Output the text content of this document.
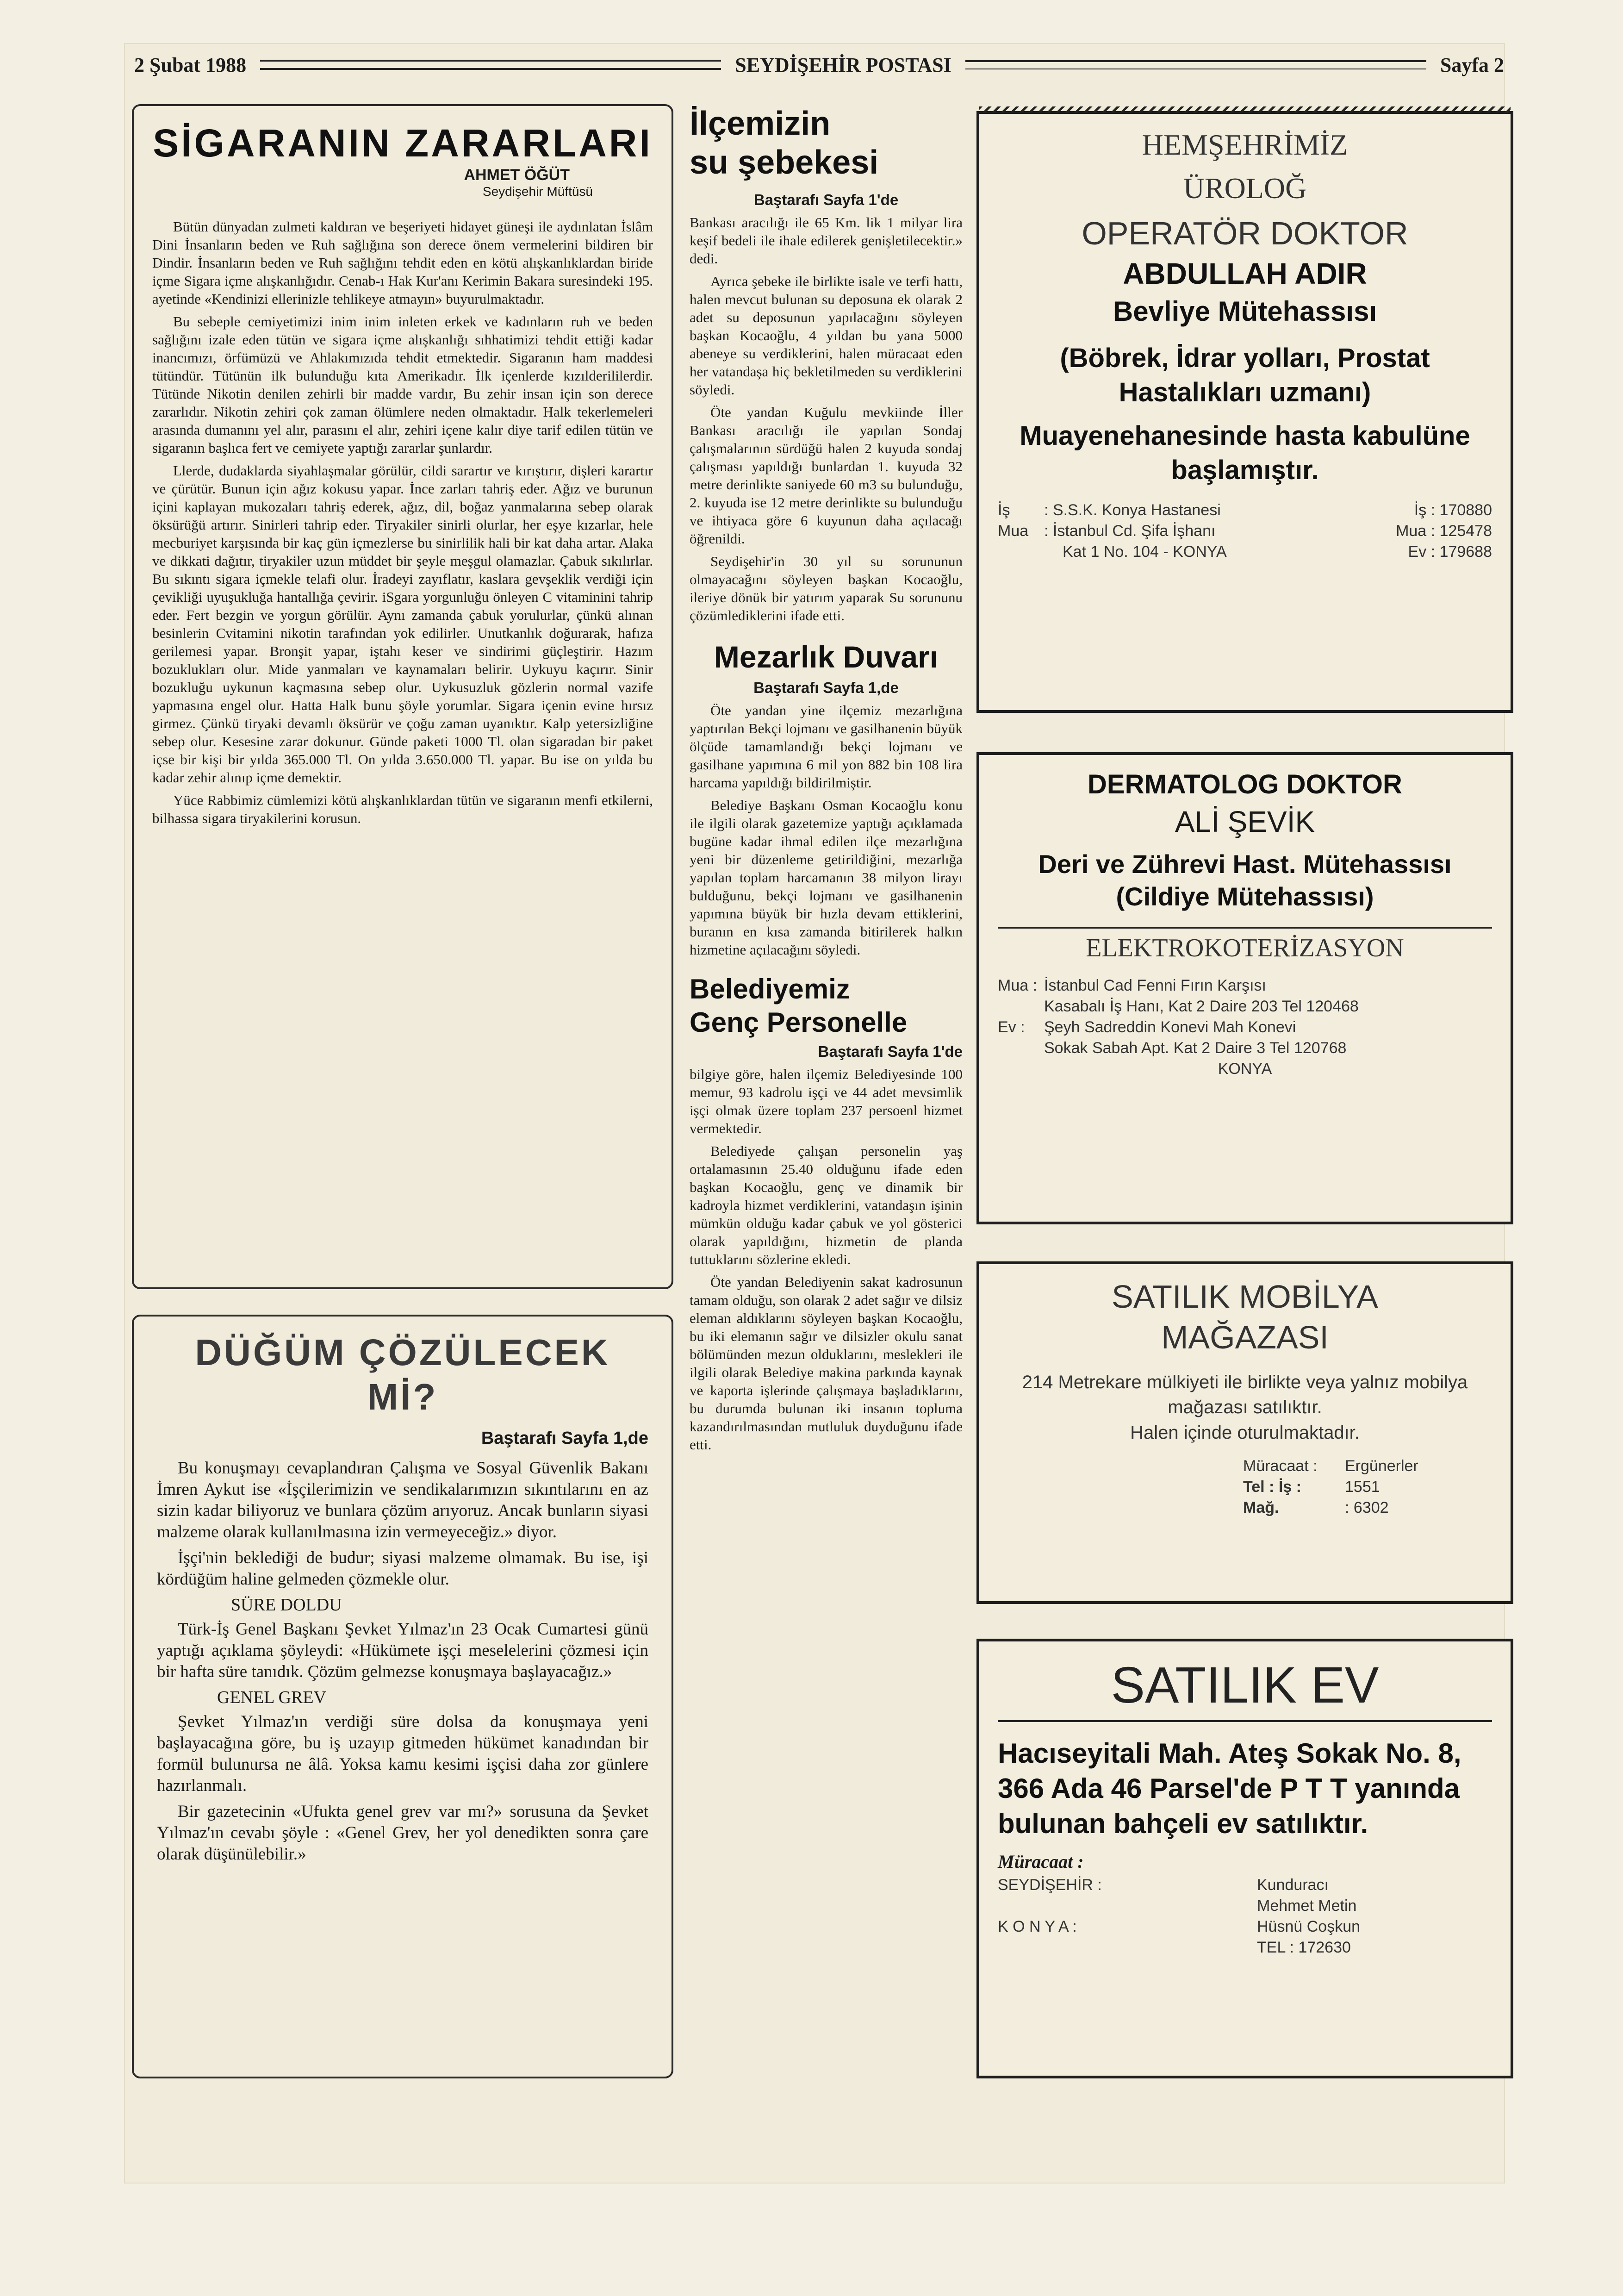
2 Şubat 1988	SEYDİŞEHİR POSTASI	Sayfa 2
SİGARANIN ZARARLARI
AHMET ÖĞÜT
Seydişehir Müftüsü

Bütün dünyadan zulmeti kaldıran ve beşeriyeti hidayet güneşi ile aydınlatan İslâm Dini İnsanların beden ve Ruh sağlığına son derece önem vermelerini bildiren bir Dindir. İnsanların beden ve Ruh sağlığını tehdit eden en kötü alışkanlıklardan biride içme Sigara içme alışkanlığıdır. Cenab-ı Hak Kur'anı Kerimin Bakara suresindeki 195. ayetinde «Kendinizi ellerinizle tehlikeye atmayın» buyurulmaktadır.

Bu sebeple cemiyetimizi inim inim inleten erkek ve kadınların ruh ve beden sağlığını izale eden tütün ve sigara içme alışkanlığı sıhhatimizi tehdit ettiği kadar inancımızı, örfümüzü ve Ahlakımızıda tehdit etmektedir. Sigaranın ham maddesi tütündür. Tütünün ilk bulunduğu kıta Amerikadır. İlk içenlerde kızılderililerdir. Tütünde Nikotin denilen zehirli bir madde vardır, Bu zehir insan için son derece zararlıdır. Nikotin zehiri çok zaman ölümlere neden olmaktadır. Halk tekerlemeleri arasında dumanını yel alır, parasını el alır, zehiri içene kalır diye tarif edilen tütün ve sigaranın başlıca fert ve cemiyete yaptığı zararlar şunlardır.

Llerde, dudaklarda siyahlaşmalar görülür, cildi sarartır ve kırıştırır, dişleri karartır ve çürütür. Bunun için ağız kokusu yapar. İnce zarları tahriş eder. Ağız ve burunun içini kaplayan mukozaları tahriş ederek, ağız, dil, boğaz yanmalarına sebep olarak öksürüğü artırır. Sinirleri tahrip eder. Tiryakiler sinirli olurlar, her eşye kızarlar, hele mecburiyet karşısında bir kaç gün içmezlerse bu sinirlilik hali bir kat daha artar. Alaka ve dikkati dağıtır, tiryakiler uzun müddet bir şeyle meşgul olamazlar. Çabuk sıkılırlar. Bu sıkıntı sigara içmekle telafi olur. İradeyi zayıflatır, kaslara gevşeklik verdiği için çevikliği uyuşukluğa hantallığa çevirir. iSgara yorgunluğu önleyen C vitaminini tahrip eder. Fert bezgin ve yorgun görülür. Aynı zamanda çabuk yorulurlar, çünkü alınan besinlerin Cvitamini nikotin tarafından yok edilirler. Unutkanlık doğurarak, hafıza gerilemesi yapar. Bronşit yapar, iştahı keser ve sindirimi güçleştirir. Hazım bozuklukları olur. Mide yanmaları ve kaynamaları belirir. Uykuyu kaçırır. Sinir bozukluğu uykunun kaçmasına sebep olur. Uykusuzluk gözlerin normal vazife yapmasına engel olur. Hatta Halk bunu şöyle yorumlar. Sigara içenin evine hırsız girmez. Çünkü tiryaki devamlı öksürür ve çoğu zaman uyanıktır. Kalp yetersizliğine sebep olur. Kesesine zarar dokunur. Günde paketi 1000 Tl. olan sigaradan bir paket içse bir kişi bir yılda 365.000 Tl. On yılda 3.650.000 Tl. yapar. Bu ise on yılda bu kadar zehir alınıp içme demektir.

Yüce Rabbimiz cümlemizi kötü alışkanlıklardan tütün ve sigaranın menfi etkilerni, bilhassa sigara tiryakilerini korusun.

DÜĞÜM ÇÖZÜLECEK Mİ?
Baştarafı Sayfa 1,de

Bu konuşmayı cevaplandıran Çalışma ve Sosyal Güvenlik Bakanı İmren Aykut ise «İşçilerimizin ve sendikalarımızın sıkıntılarını en az sizin kadar biliyoruz ve bunlara çözüm arıyoruz. Ancak bunların siyasi malzeme olarak kullanılmasına izin vermeyeceğiz.» diyor.

İşçi'nin beklediği de budur; siyasi malzeme olmamak. Bu ise, işi kördüğüm haline gelmeden çözmekle olur.

SÜRE DOLDU

Türk-İş Genel Başkanı Şevket Yılmaz'ın 23 Ocak Cumartesi günü yaptığı açıklama şöyleydi: «Hükümete işçi meselelerini çözmesi için bir hafta süre tanıdık. Çözüm gelmezse konuşmaya başlayacağız.»

GENEL GREV

Şevket Yılmaz'ın verdiği süre dolsa da konuşmaya yeni başlayacağına göre, bu iş uzayıp gitmeden hükümet kanadından bir formül bulunursa ne âlâ. Yoksa kamu kesimi işçisi daha zor günlere hazırlanmalı.

Bir gazetecinin «Ufukta genel grev var mı?» sorusuna da Şevket Yılmaz'ın cevabı şöyle : «Genel Grev, her yol denedikten sonra çare olarak düşünülebilir.»

İlçemizin
su şebekesi
Baştarafı Sayfa 1'de

Bankası aracılığı ile 65 Km. lik 1 milyar lira keşif bedeli ile ihale edilerek genişletilecektir.» dedi.

Ayrıca şebeke ile birlikte isale ve terfi hattı, halen mevcut bulunan su deposuna ek olarak 2 adet su deposunun yapılacağını söyleyen başkan Kocaoğlu, 4 yıldan bu yana 5000 abeneye su verdiklerini, halen müracaat eden her vatandaşa hiç bekletilmeden su verdiklerini söyledi.

Öte yandan Kuğulu mevkiinde İller Bankası aracılığı ile yapılan Sondaj çalışmalarının sürdüğü halen 2 kuyuda sondaj çalışması yapıldığı bunlardan 1. kuyuda 32 metre derinlikte saniyede 60 m3 su bulunduğu, 2. kuyuda ise 12 metre derinlikte su bulunduğu ve ihtiyaca göre 6 kuyunun daha açılacağı öğrenildi.

Seydişehir'in 30 yıl su sorununun olmayacağını söyleyen başkan Kocaoğlu, ileriye dönük bir yatırım yaparak Su sorununu çözümlediklerini ifade etti.

Mezarlık Duvarı
Baştarafı Sayfa 1,de

Öte yandan yine ilçemiz mezarlığına yaptırılan Bekçi lojmanı ve gasilhanenin büyük ölçüde tamamlandığı bekçi lojmanı ve gasilhane yapımına 6 mil yon 882 bin 108 lira harcama yapıldığı bildirilmiştir.

Belediye Başkanı Osman Kocaoğlu konu ile ilgili olarak gazetemize yaptığı açıklamada bugüne kadar ihmal edilen ilçe mezarlığına yeni bir düzenleme getirildiğini, mezarlığa yapılan toplam harcamanın 38 milyon lirayı bulduğunu, bekçi lojmanı ve gasilhanenin yapımına büyük bir hızla devam ettiklerini, buranın en kısa zamanda bitirilerek halkın hizmetine açılacağını söyledi.

Belediyemiz
Genç Personelle
Baştarafı Sayfa 1'de

bilgiye göre, halen ilçemiz Belediyesinde 100 memur, 93 kadrolu işçi ve 44 adet mevsimlik işçi olmak üzere toplam 237 persoenl hizmet vermektedir.

Belediyede çalışan personelin yaş ortalamasının 25.40 olduğunu ifade eden başkan Kocaoğlu, genç ve dinamik bir kadroyla hizmet verdiklerini, vatandaşın işinin mümkün olduğu kadar çabuk ve yol gösterici olarak yapıldığını, hizmetin de planda tuttuklarını sözlerine ekledi.

Öte yandan Belediyenin sakat kadrosunun tamam olduğu, son olarak 2 adet sağır ve dilsiz eleman aldıklarını söyleyen başkan Kocaoğlu, bu iki elemanın sağır ve dilsizler okulu sanat bölümünden mezun olduklarını, meslekleri ile ilgili olarak Belediye makina parkında kaynak ve kaporta işlerinde çalışmaya başladıklarını, bu durumda bulunan iki insanın topluma kazandırılmasından mutluluk duyduğunu ifade etti.

HEMŞEHRİMİZ
ÜROLOĞ
OPERATÖR DOKTOR
ABDULLAH ADIR
Bevliye Mütehassısı
(Böbrek, İdrar yolları, Prostat Hastalıkları uzmanı)
Muayenehanesinde hasta kabulüne başlamıştır.
İş	: S.S.K. Konya Hastanesi	İş : 170880
Mua : İstanbul Cd. Şifa İşhanı	Mua : 125478
Kat 1 No. 104 - KONYA	Ev : 179688
DERMATOLOG DOKTOR
ALİ ŞEVİK
Deri ve Zührevi Hast. Mütehassısı (Cildiye Mütehassısı)
ELEKTROKOTERİZASYON
Mua : İstanbul Cad Fenni Fırın Karşısı
Kasabalı İş Hanı, Kat 2 Daire 203 Tel 120468
Ev :	Şeyh Sadreddin Konevi Mah Konevi
Sokak Sabah Apt. Kat 2 Daire 3 Tel 120768
KONYA
SATILIK MOBİLYA
MAĞAZASI
214 Metrekare mülkiyeti ile birlikte veya yalnız mobilya mağazası satılıktır.
Halen içinde oturulmaktadır.
Müracaat :	Ergünerler
Tel : İş :	1551
Mağ.	: 6302
SATILIK EV
Hacıseyitali Mah. Ateş Sokak No. 8, 366 Ada 46 Parsel'de P T T yanında bulunan bahçeli ev satılıktır.
Müracaat :
SEYDİŞEHİR :	Kunduracı
Mehmet Metin
K O N Y A :	Hüsnü Coşkun
TEL : 172630
